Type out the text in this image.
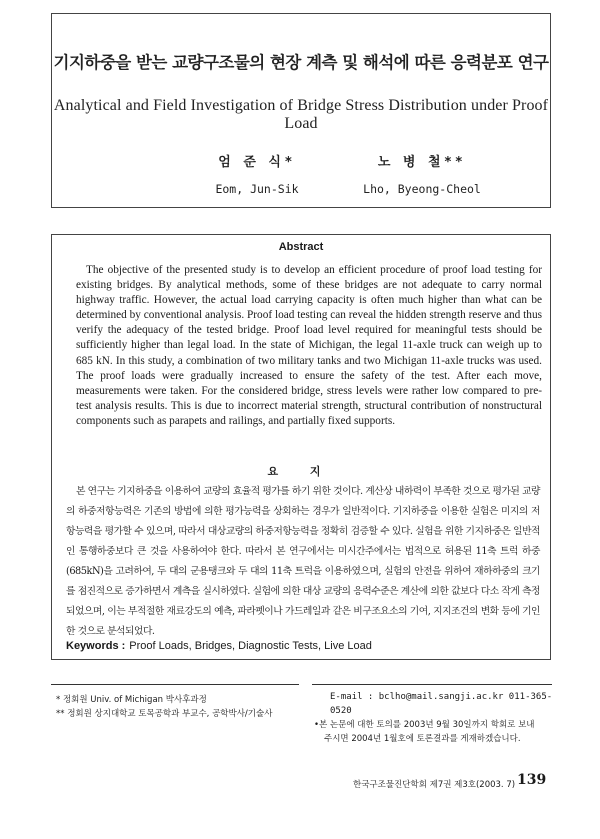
기지하중을 받는 교량구조물의 현장 계측 및 해석에 따른 응력분포 연구
Analytical and Field Investigation of Bridge Stress Distribution under Proof Load
엄 준 식*
Eom, Jun-Sik
노 병 철**
Lho, Byeong-Cheol
Abstract
The objective of the presented study is to develop an efficient procedure of proof load testing for existing bridges. By analytical methods, some of these bridges are not adequate to carry normal highway traffic. However, the actual load carrying capacity is often much higher than what can be determined by conventional analysis. Proof load testing can reveal the hidden strength reserve and thus verify the adequacy of the tested bridge. Proof load level required for meaningful tests should be sufficiently higher than legal load. In the state of Michigan, the legal 11-axle truck can weigh up to 685 kN. In this study, a combination of two military tanks and two Michigan 11-axle trucks was used. The proof loads were gradually increased to ensure the safety of the test. After each move, measurements were taken. For the considered bridge, stress levels were rather low compared to pre-test analysis results. This is due to incorrect material strength, structural contribution of nonstructural components such as parapets and railings, and partially fixed supports.
요 지
본 연구는 기지하중을 이용하여 교량의 효율적 평가를 하기 위한 것이다. 계산상 내하력이 부족한 것으로 평가된 교량의 하중저항능력은 기존의 방법에 의한 평가능력을 상회하는 경우가 일반적이다. 기지하중을 이용한 실험은 미지의 저항능력을 평가할 수 있으며, 따라서 대상교량의 하중저항능력을 정확히 검증할 수 있다. 실험을 위한 기지하중은 일반적인 통행하중보다 큰 것을 사용하여야 한다. 따라서 본 연구에서는 미시간주에서는 법적으로 허용된 11축 트럭 하중(685kN)을 고려하여, 두 대의 군용탱크와 두 대의 11축 트럭을 이용하였으며, 실험의 안전을 위하여 재하하중의 크기를 점진적으로 증가하면서 계측을 실시하였다. 실험에 의한 대상 교량의 응력수준은 계산에 의한 값보다 다소 작게 측정되었으며, 이는 부적절한 재료강도의 예측, 파라펫이나 가드레일과 같은 비구조요소의 기여, 지지조건의 변화 등에 기인한 것으로 분석되었다.
Keywords : Proof Loads, Bridges, Diagnostic Tests, Live Load
* 정회원 Univ. of Michigan 박사후과정
** 정회원 상지대학교 토목공학과 부교수, 공학박사/기술사
E-mail : bclho@mail.sangji.ac.kr 011-365-0520
•본 논문에 대한 토의를 2003년 9월 30일까지 학회로 보내
주시면 2004년 1월호에 토론결과를 게재하겠습니다.
한국구조물진단학회 제7권 제3호(2003. 7) 139
